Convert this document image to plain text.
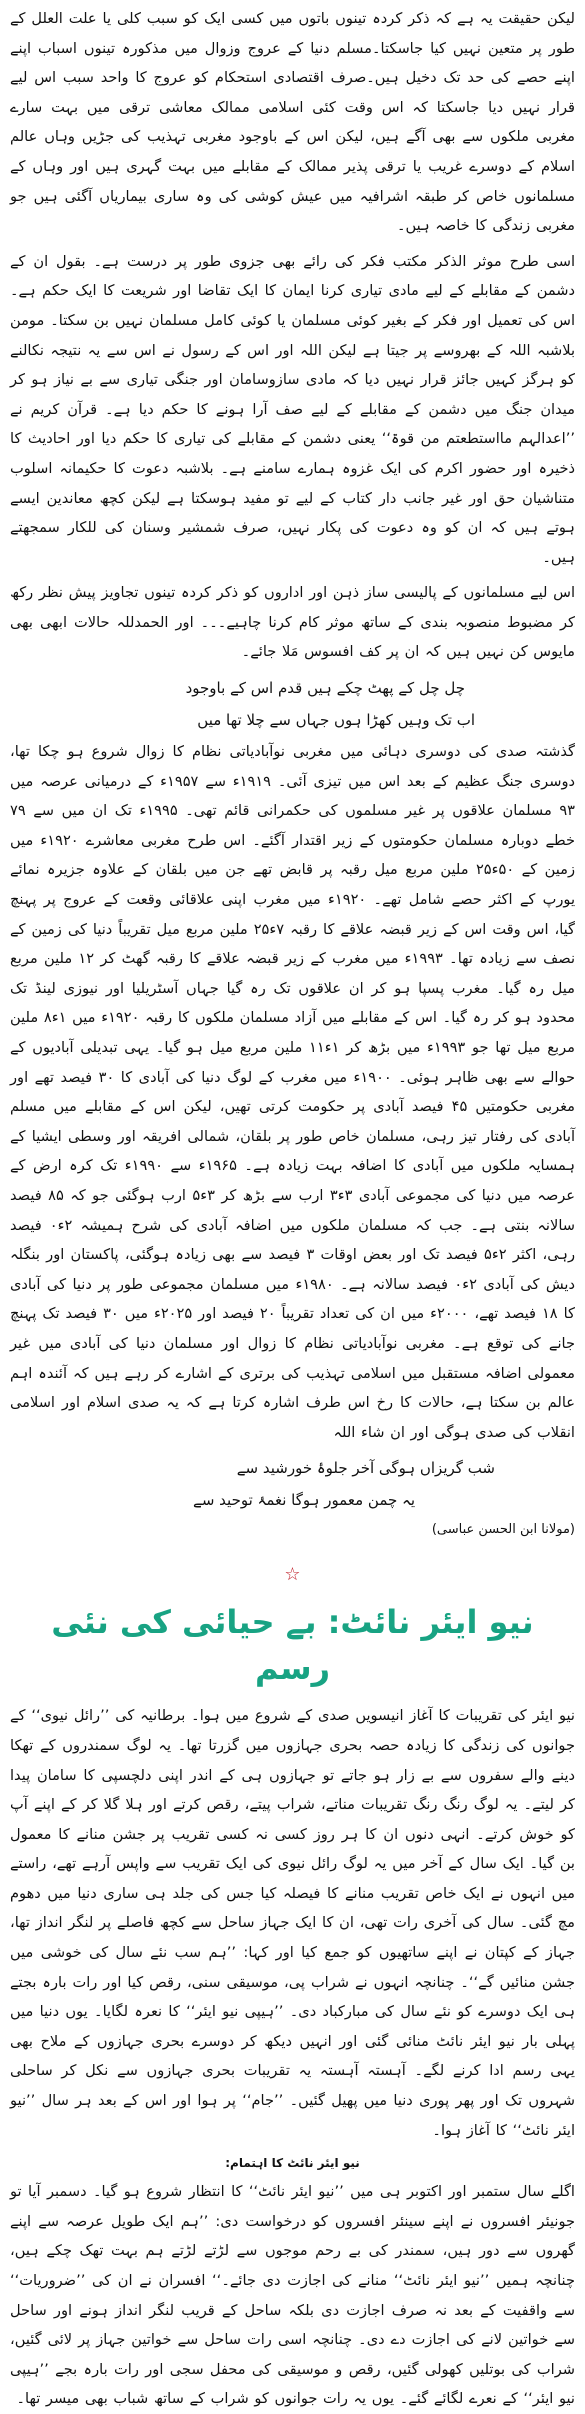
لیکن حقیقت یہ ہے کہ ذکر کردہ تینوں باتوں میں کسی ایک کو سبب کلی یا علت العلل کے طور پر متعین نہیں کیا جاسکتا۔مسلم دنیا کے عروج وزوال میں مذکورہ تینوں اسباب اپنے اپنے حصے کی حد تک دخیل ہیں۔صرف اقتصادی استحکام کو عروج کا واحد سبب اس لیے قرار نہیں دیا جاسکتا کہ اس وقت کئی اسلامی ممالک معاشی ترقی میں بہت سارے مغربی ملکوں سے بھی آگے ہیں، لیکن اس کے باوجود مغربی تہذیب کی جڑیں وہاں عالم اسلام کے دوسرے غریب یا ترقی پذیر ممالک کے مقابلے میں بہت گہری ہیں اور وہاں کے مسلمانوں خاص کر طبقہ اشرافیہ میں عیش کوشی کی وہ ساری بیماریاں آگئی ہیں جو مغربی زندگی کا خاصہ ہیں۔

اسی طرح موثر الذکر مکتب فکر کی رائے بھی جزوی طور پر درست ہے۔ بقول ان کے دشمن کے مقابلے کے لیے مادی تیاری کرنا ایمان کا ایک تقاضا اور شریعت کا ایک حکم ہے۔ اس کی تعمیل اور فکر کے بغیر کوئی مسلمان یا کوئی کامل مسلمان نہیں بن سکتا۔ مومن بلاشبہ اللہ کے بھروسے پر جیتا ہے لیکن اللہ اور اس کے رسول نے اس سے یہ نتیجہ نکالنے کو ہرگز کہیں جائز قرار نہیں دیا کہ مادی سازوسامان اور جنگی تیاری سے بے نیاز ہو کر میدان جنگ میں دشمن کے مقابلے کے لیے صف آرا ہونے کا حکم دیا ہے۔ قرآن کریم نے ’’اعدالہم مااستطعتم من قوۃ‘‘ یعنی دشمن کے مقابلے کی تیاری کا حکم دیا اور احادیث کا ذخیرہ اور حضور اکرم کی ایک غزوہ ہمارے سامنے ہے۔ بلاشبہ دعوت کا حکیمانہ اسلوب متناشیان حق اور غیر جانب دار کتاب کے لیے تو مفید ہوسکتا ہے لیکن کچھ معاندین ایسے ہوتے ہیں کہ ان کو وہ دعوت کی پکار نہیں، صرف شمشیر وسنان کی للکار سمجھتے ہیں۔

اس لیے مسلمانوں کے پالیسی ساز ذہن اور اداروں کو ذکر کردہ تینوں تجاویز پیش نظر رکھ کر مضبوط منصوبہ بندی کے ساتھ موثر کام کرنا چاہیے۔۔۔ اور الحمدللہ حالات ابھی بھی مایوس کن نہیں ہیں کہ ان پر کف افسوس مَلا جائے۔

چل چل کے پھٹ چکے ہیں قدم اس کے باوجود
اب تک وہیں کھڑا ہوں جہاں سے چلا تھا میں

گذشتہ صدی کی دوسری دہائی میں مغربی نوآبادیاتی نظام کا زوال شروع ہو چکا تھا، دوسری جنگ عظیم کے بعد اس میں تیزی آئی۔ ۱۹۱۹ء سے ۱۹۵۷ء کے درمیانی عرصہ میں ۹۳ مسلمان علاقوں پر غیر مسلموں کی حکمرانی قائم تھی۔ ۱۹۹۵ء تک ان میں سے ۷۹ خطے دوبارہ مسلمان حکومتوں کے زیر اقتدار آگئے۔ اس طرح مغربی معاشرے ۱۹۲۰ء میں زمین کے ۵۰ء۲۵ ملین مربع میل رقبہ پر قابض تھے جن میں بلقان کے علاوہ جزیرہ نمائے یورپ کے اکثر حصے شامل تھے۔ ۱۹۲۰ء میں مغرب اپنی علاقائی وقعت کے عروج پر پہنچ گیا، اس وقت اس کے زیر قبضہ علاقے کا رقبہ ۷ء۲۵ ملین مربع میل تقریباً دنیا کی زمین کے نصف سے زیادہ تھا۔ ۱۹۹۳ء میں مغرب کے زیر قبضہ علاقے کا رقبہ گھٹ کر ۱۲ ملین مربع میل رہ گیا۔ مغرب پسپا ہو کر ان علاقوں تک رہ گیا جہاں آسٹریلیا اور نیوزی لینڈ تک محدود ہو کر رہ گیا۔ اس کے مقابلے میں آزاد مسلمان ملکوں کا رقبہ ۱۹۲۰ء میں ۱ء۸ ملین مربع میل تھا جو ۱۹۹۳ء میں بڑھ کر ۱ء۱۱ ملین مربع میل ہو گیا۔ یہی تبدیلی آبادیوں کے حوالے سے بھی ظاہر ہوئی۔ ۱۹۰۰ء میں مغرب کے لوگ دنیا کی آبادی کا ۳۰ فیصد تھے اور مغربی حکومتیں ۴۵ فیصد آبادی پر حکومت کرتی تھیں، لیکن اس کے مقابلے میں مسلم آبادی کی رفتار تیز رہی، مسلمان خاص طور پر بلقان، شمالی افریقہ اور وسطی ایشیا کے ہمسایہ ملکوں میں آبادی کا اضافہ بہت زیادہ ہے۔ ۱۹۶۵ء سے ۱۹۹۰ء تک کرہ ارض کے عرصہ میں دنیا کی مجموعی آبادی ۳ء۳ ارب سے بڑھ کر ۳ء۵ ارب ہوگئی جو کہ ۸۵ فیصد سالانہ بنتی ہے۔ جب کہ مسلمان ملکوں میں اضافہ آبادی کی شرح ہمیشہ ۲ء۰ فیصد رہی، اکثر ۲ء۵ فیصد تک اور بعض اوقات ۳ فیصد سے بھی زیادہ ہوگئی، پاکستان اور بنگلہ دیش کی آبادی ۲ء۰ فیصد سالانہ ہے۔ ۱۹۸۰ء میں مسلمان مجموعی طور پر دنیا کی آبادی کا ۱۸ فیصد تھے، ۲۰۰۰ء میں ان کی تعداد تقریباً ۲۰ فیصد اور ۲۰۲۵ء میں ۳۰ فیصد تک پہنچ جانے کی توقع ہے۔ مغربی نوآبادیاتی نظام کا زوال اور مسلمان دنیا کی آبادی میں غیر معمولی اضافہ مستقبل میں اسلامی تہذیب کی برتری کے اشارے کر رہے ہیں کہ آئندہ اہم عالم بن سکتا ہے، حالات کا رخ اس طرف اشارہ کرتا ہے کہ یہ صدی اسلام اور اسلامی انقلاب کی صدی ہوگی اور ان شاء اللہ

شب گریزاں ہوگی آخر جلوۂ خورشید سے
یہ چمن معمور ہوگا نغمۂ توحید سے
(مولانا ابن الحسن عباسی)
☆
نیو ایئر نائٹ: بے حیائی کی نئی رسم

نیو ایئر کی تقریبات کا آغاز انیسویں صدی کے شروع میں ہوا۔ برطانیہ کی ’’رائل نیوی‘‘ کے جوانوں کی زندگی کا زیادہ حصہ بحری جہازوں میں گزرتا تھا۔ یہ لوگ سمندروں کے تھکا دینے والے سفروں سے بے زار ہو جاتے تو جہازوں ہی کے اندر اپنی دلچسپی کا سامان پیدا کر لیتے۔ یہ لوگ رنگ رنگ تقریبات مناتے، شراب پیتے، رقص کرتے اور ہلا گلا کر کے اپنے آپ کو خوش کرتے۔ انہی دنوں ان کا ہر روز کسی نہ کسی تقریب پر جشن منانے کا معمول بن گیا۔ ایک سال کے آخر میں یہ لوگ رائل نیوی کی ایک تقریب سے واپس آرہے تھے، راستے میں انہوں نے ایک خاص تقریب منانے کا فیصلہ کیا جس کی جلد ہی ساری دنیا میں دھوم مچ گئی۔ سال کی آخری رات تھی، ان کا ایک جہاز ساحل سے کچھ فاصلے پر لنگر انداز تھا، جہاز کے کپتان نے اپنے ساتھیوں کو جمع کیا اور کہا: ’’ہم سب نئے سال کی خوشی میں جشن منائیں گے‘‘۔ چنانچہ انہوں نے شراب پی، موسیقی سنی، رقص کیا اور رات بارہ بجتے ہی ایک دوسرے کو نئے سال کی مبارکباد دی۔ ’’ہیپی نیو ایئر‘‘ کا نعرہ لگایا۔ یوں دنیا میں پہلی بار نیو ایئر نائٹ منائی گئی اور انہیں دیکھ کر دوسرے بحری جہازوں کے ملاح بھی یہی رسم ادا کرنے لگے۔ آہستہ آہستہ یہ تقریبات بحری جہازوں سے نکل کر ساحلی شہروں تک اور پھر پوری دنیا میں پھیل گئیں۔ ’’جام‘‘ پر ہوا اور اس کے بعد ہر سال ’’نیو ایئر نائٹ‘‘ کا آغاز ہوا۔

نیو ایئر نائٹ کا اہتمام:

اگلے سال ستمبر اور اکتوبر ہی میں ’’نیو ایئر نائٹ‘‘ کا انتظار شروع ہو گیا۔ دسمبر آیا تو جونیئر افسروں نے اپنے سینئر افسروں کو درخواست دی: ’’ہم ایک طویل عرصہ سے اپنے گھروں سے دور ہیں، سمندر کی بے رحم موجوں سے لڑتے لڑتے ہم بہت تھک چکے ہیں، چنانچہ ہمیں ’’نیو ایئر نائٹ‘‘ منانے کی اجازت دی جائے۔‘‘ افسران نے ان کی ’’ضروریات‘‘ سے واقفیت کے بعد نہ صرف اجازت دی بلکہ ساحل کے قریب لنگر انداز ہونے اور ساحل سے خواتین لانے کی اجازت دے دی۔ چنانچہ اسی رات ساحل سے خواتین جہاز پر لائی گئیں، شراب کی بوتلیں کھولی گئیں، رقص و موسیقی کی محفل سجی اور رات بارہ بجے ’’ہیپی نیو ایئر‘‘ کے نعرے لگائے گئے۔ یوں یہ رات جوانوں کو شراب کے ساتھ شباب بھی میسر تھا۔
